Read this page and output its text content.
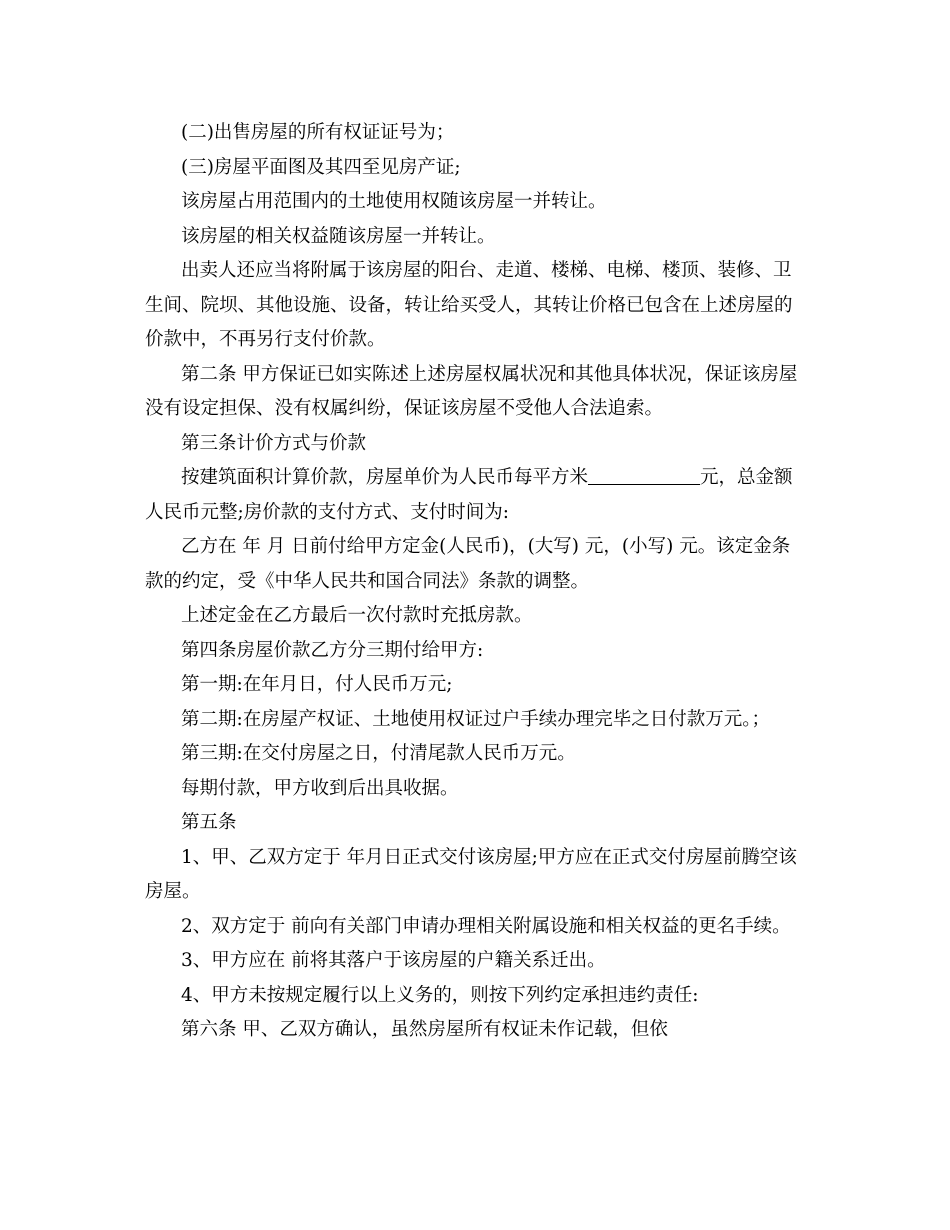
(二)出售房屋的所有权证证号为；

(三)房屋平面图及其四至见房产证;

该房屋占用范围内的土地使用权随该房屋一并转让。

该房屋的相关权益随该房屋一并转让。

出卖人还应当将附属于该房屋的阳台、走道、楼梯、电梯、楼顶、装修、卫生间、院坝、其他设施、设备，转让给买受人，其转让价格已包含在上述房屋的价款中，不再另行支付价款。

第二条 甲方保证已如实陈述上述房屋权属状况和其他具体状况，保证该房屋没有设定担保、没有权属纠纷，保证该房屋不受他人合法追索。

第三条计价方式与价款

按建筑面积计算价款，房屋单价为人民币每平方米	元，总金额人民币元整;房价款的支付方式、支付时间为:

乙方在 年 月 日前付给甲方定金(人民币)，(大写) 元，(小写) 元。该定金条款的约定，受《中华人民共和国合同法》条款的调整。

上述定金在乙方最后一次付款时充抵房款。

第四条房屋价款乙方分三期付给甲方:

第一期:在年月日，付人民币万元;

第二期:在房屋产权证、土地使用权证过户手续办理完毕之日付款万元。；

第三期:在交付房屋之日，付清尾款人民币万元。

每期付款，甲方收到后出具收据。

第五条

1、甲、乙双方定于 年月日正式交付该房屋;甲方应在正式交付房屋前腾空该房屋。

2、双方定于 前向有关部门申请办理相关附属设施和相关权益的更名手续。

3、甲方应在 前将其落户于该房屋的户籍关系迁出。

4、甲方未按规定履行以上义务的，则按下列约定承担违约责任:

第六条 甲、乙双方确认，虽然房屋所有权证未作记载，但依
